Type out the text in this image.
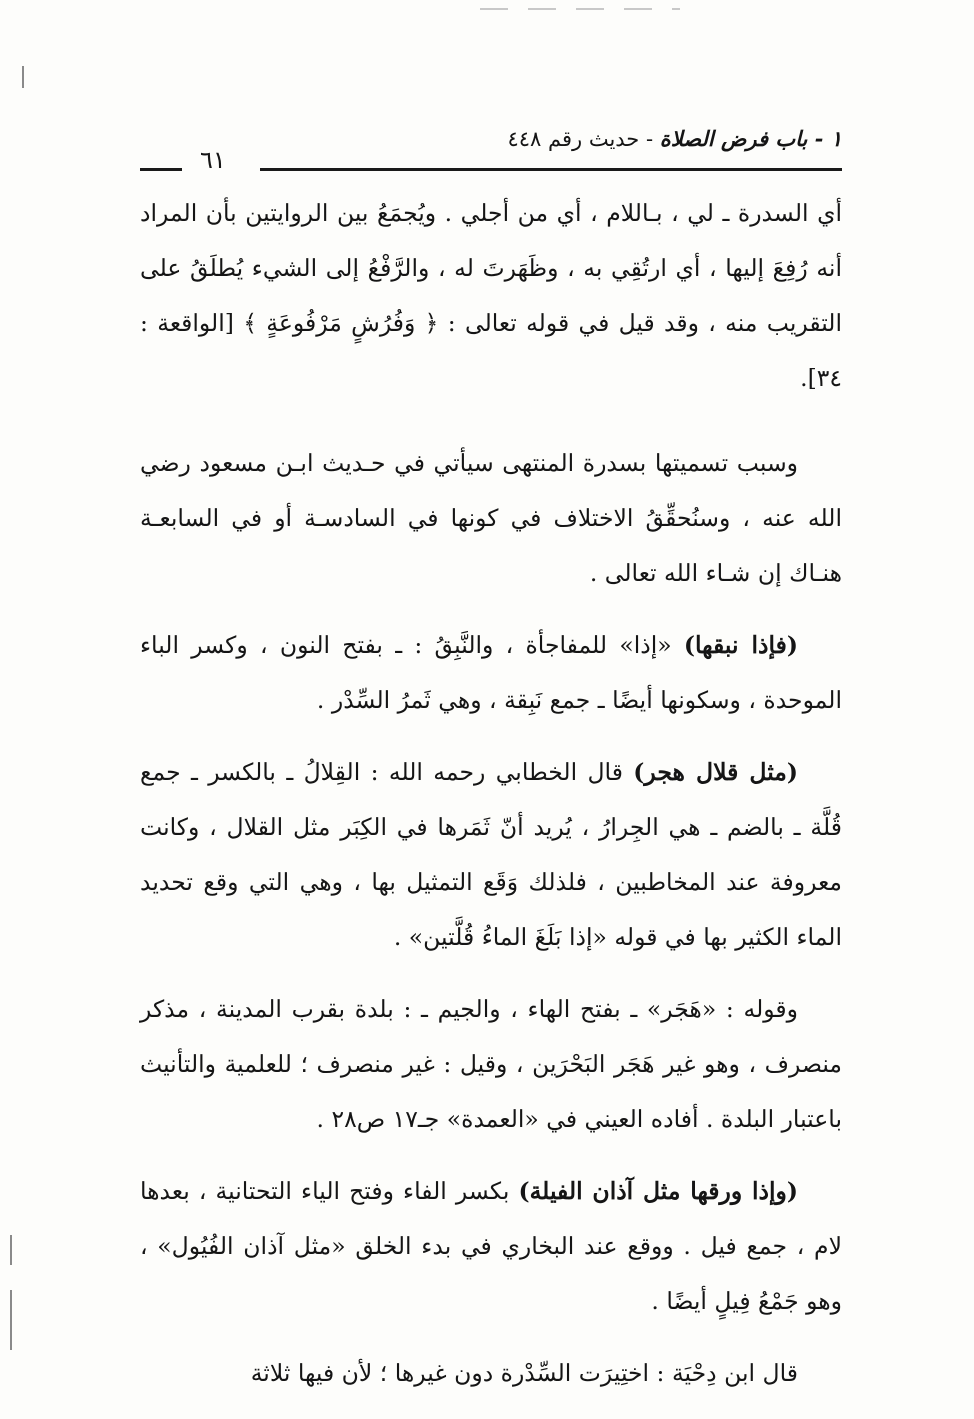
١ - باب فرض الصلاة - حديث رقم ٤٤٨
٦١

أي السدرة ـ لي ، بـاللام ، أي من أجلي . ويُجمَعُ بين الروايتين بأن المراد أنه رُفِعَ إليها ، أي ارتُقِي به ، وظَهَرتَ له ، والرَّفْعُ إلى الشيء يُطلَقُ على التقريب منه ، وقد قيل في قوله تعالى : ﴿ وَفُرُشٍ مَرْفُوعَةٍ ﴾ [الواقعة : ٣٤].

وسبب تسميتها بسدرة المنتهى سيأتي في حـديث ابـن مسعود رضي الله عنه ، وسنُحقِّقُ الاختلاف في كونها في السادسـة أو في السابعـة هنـاك إن شـاء الله تعالى .

(فإذا نبقها) «إذا» للمفاجأة ، والنَّبِقُ : ـ بفتح النون ، وكسر الباء الموحدة ، وسكونها أيضًا ـ جمع نَبِقة ، وهي ثَمرُ السِّدْر .

(مثل قلال هجر) قال الخطابي رحمه الله : القِلالُ ـ بالكسر ـ جمع قُلَّة ـ بالضم ـ هي الجِرارُ ، يُريد أنّ ثَمَرها في الكِبَر مثل القلال ، وكانت معروفة عند المخاطبين ، فلذلك وَقَع التمثيل بها ، وهي التي وقع تحديد الماء الكثير بها في قوله «إذا بَلَغَ الماءُ قُلَّتين» .

وقوله : «هَجَر» ـ بفتح الهاء ، والجيم ـ : بلدة بقرب المدينة ، مذكر منصرف ، وهو غير هَجَر البَحْرَين ، وقيل : غير منصرف ؛ للعلمية والتأنيث باعتبار البلدة . أفاده العيني في «العمدة» جـ١٧ ص٢٨ .

(وإذا ورقها مثل آذان الفيلة) بكسر الفاء وفتح الياء التحتانية ، بعدها لام ، جمع فيل . ووقع عند البخاري في بدء الخلق «مثل آذان الفُيُول» ، وهو جَمْعُ فِيلٍ أيضًا .

قال ابن دِحْيَة : اختِيرَت السِّدْرة دون غيرها ؛ لأن فيها ثلاثة
